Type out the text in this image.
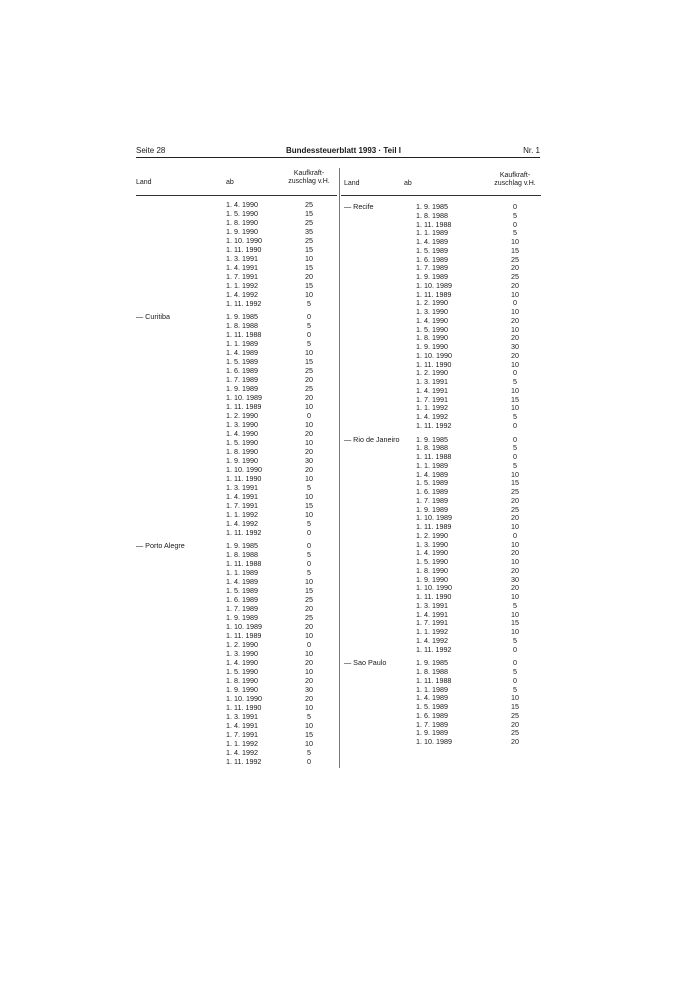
Seite 28	Bundessteuerblatt 1993 · Teil I	Nr. 1
Land	ab
Kaufkraft-
zuschlag v.H.	Land	ab
Kaufkraft-
zuschlag v.H.
1. 4. 1990	25
1. 5. 1990	15
1. 8. 1990	25
1. 9. 1990	35
1. 10. 1990	25
1. 11. 1990	15
1. 3. 1991	10
1. 4. 1991	15
1. 7. 1991	20
1. 1. 1992	15
1. 4. 1992	10
1. 11. 1992	5
— Curitiba	1. 9. 1985	0
1. 8. 1988	5
1. 11. 1988	0
1. 1. 1989	5
1. 4. 1989	10
1. 5. 1989	15
1. 6. 1989	25
1. 7. 1989	20
1. 9. 1989	25
1. 10. 1989	20
1. 11. 1989	10
1. 2. 1990	0
1. 3. 1990	10
1. 4. 1990	20
1. 5. 1990	10
1. 8. 1990	20
1. 9. 1990	30
1. 10. 1990	20
1. 11. 1990	10
1. 3. 1991	5
1. 4. 1991	10
1. 7. 1991	15
1. 1. 1992	10
1. 4. 1992	5
1. 11. 1992	0
— Porto Alegre	1. 9. 1985	0
1. 8. 1988	5
1. 11. 1988	0
1. 1. 1989	5
1. 4. 1989	10
1. 5. 1989	15
1. 6. 1989	25
1. 7. 1989	20
1. 9. 1989	25
1. 10. 1989	20
1. 11. 1989	10
1. 2. 1990	0
1. 3. 1990	10
1. 4. 1990	20
1. 5. 1990	10
1. 8. 1990	20
1. 9. 1990	30
1. 10. 1990	20
1. 11. 1990	10
1. 3. 1991	5
1. 4. 1991	10
1. 7. 1991	15
1. 1. 1992	10
1. 4. 1992	5
1. 11. 1992	0
— Recife	1. 9. 1985	0
1. 8. 1988	5
1. 11. 1988	0
1. 1. 1989	5
1. 4. 1989	10
1. 5. 1989	15
1. 6. 1989	25
1. 7. 1989	20
1. 9. 1989	25
1. 10. 1989	20
1. 11. 1989	10
1. 2. 1990	0
1. 3. 1990	10
1. 4. 1990	20
1. 5. 1990	10
1. 8. 1990	20
1. 9. 1990	30
1. 10. 1990	20
1. 11. 1990	10
1. 2. 1990	0
1. 3. 1991	5
1. 4. 1991	10
1. 7. 1991	15
1. 1. 1992	10
1. 4. 1992	5
1. 11. 1992	0
— Rio de Janeiro 1. 9. 1985	0
1. 8. 1988	5
1. 11. 1988	0
1. 1. 1989	5
1. 4. 1989	10
1. 5. 1989	15
1. 6. 1989	25
1. 7. 1989	20
1. 9. 1989	25
1. 10. 1989	20
1. 11. 1989	10
1. 2. 1990	0
1. 3. 1990	10
1. 4. 1990	20
1. 5. 1990	10
1. 8. 1990	20
1. 9. 1990	30
1. 10. 1990	20
1. 11. 1990	10
1. 3. 1991	5
1. 4. 1991	10
1. 7. 1991	15
1. 1. 1992	10
1. 4. 1992	5
1. 11. 1992	0
— Sao Paulo	1. 9. 1985	0
1. 8. 1988	5
1. 11. 1988	0
1. 1. 1989	5
1. 4. 1989	10
1. 5. 1989	15
1. 6. 1989	25
1. 7. 1989	20
1. 9. 1989	25
1. 10. 1989	20
